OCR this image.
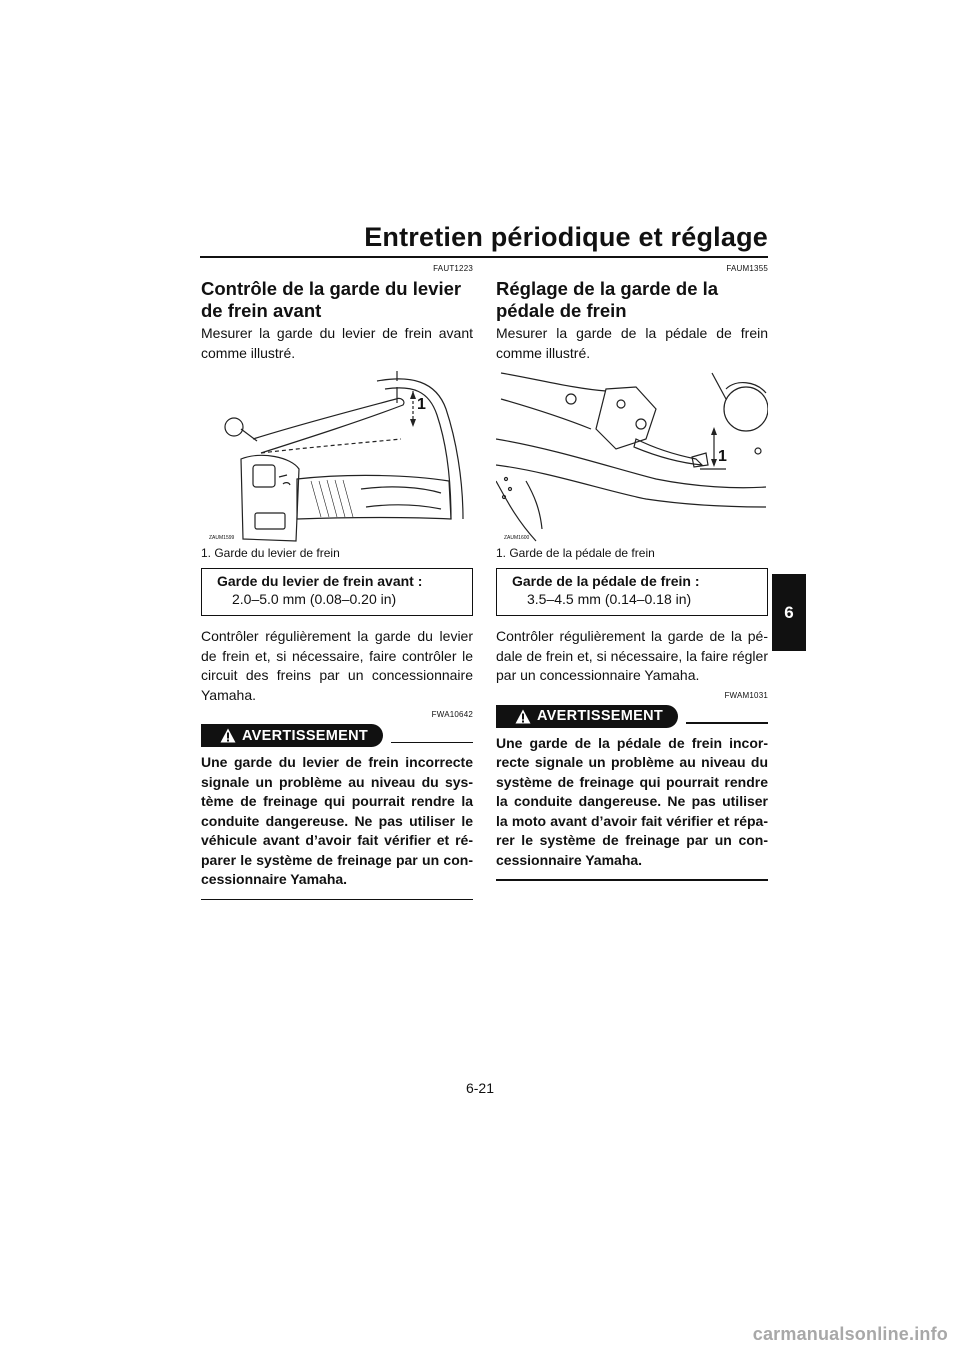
Entretien périodique et réglage
6
FAUT1223
Contrôle de la garde du levier de frein avant

Mesurer la garde du levier de frein avant comme illustré.

1
ZAUM1599
1. Garde du levier de frein
Garde du levier de frein avant :
2.0–5.0 mm (0.08–0.20 in)

Contrôler régulièrement la garde du levier de frein et, si nécessaire, faire contrôler le circuit des freins par un concessionnaire Yamaha.

FWA10642
AVERTISSEMENT

Une garde du levier de frein incorrecte signale un problème au niveau du sys-tème de freinage qui pourrait rendre la conduite dangereuse. Ne pas utiliser le véhicule avant d’avoir fait vérifier et ré-parer le système de freinage par un con-cessionnaire Yamaha.

FAUM1355
Réglage de la garde de la pédale de frein

Mesurer la garde de la pédale de frein comme illustré.

1
ZAUM1600
1. Garde de la pédale de frein
Garde de la pédale de frein :
3.5–4.5 mm (0.14–0.18 in)

Contrôler régulièrement la garde de la pé-dale de frein et, si nécessaire, la faire régler par un concessionnaire Yamaha.

FWAM1031
AVERTISSEMENT

Une garde de la pédale de frein incor-recte signale un problème au niveau du système de freinage qui pourrait rendre la conduite dangereuse. Ne pas utiliser la moto avant d’avoir fait vérifier et répa-rer le système de freinage par un con-cessionnaire Yamaha.

6-21
carmanualsonline.info
